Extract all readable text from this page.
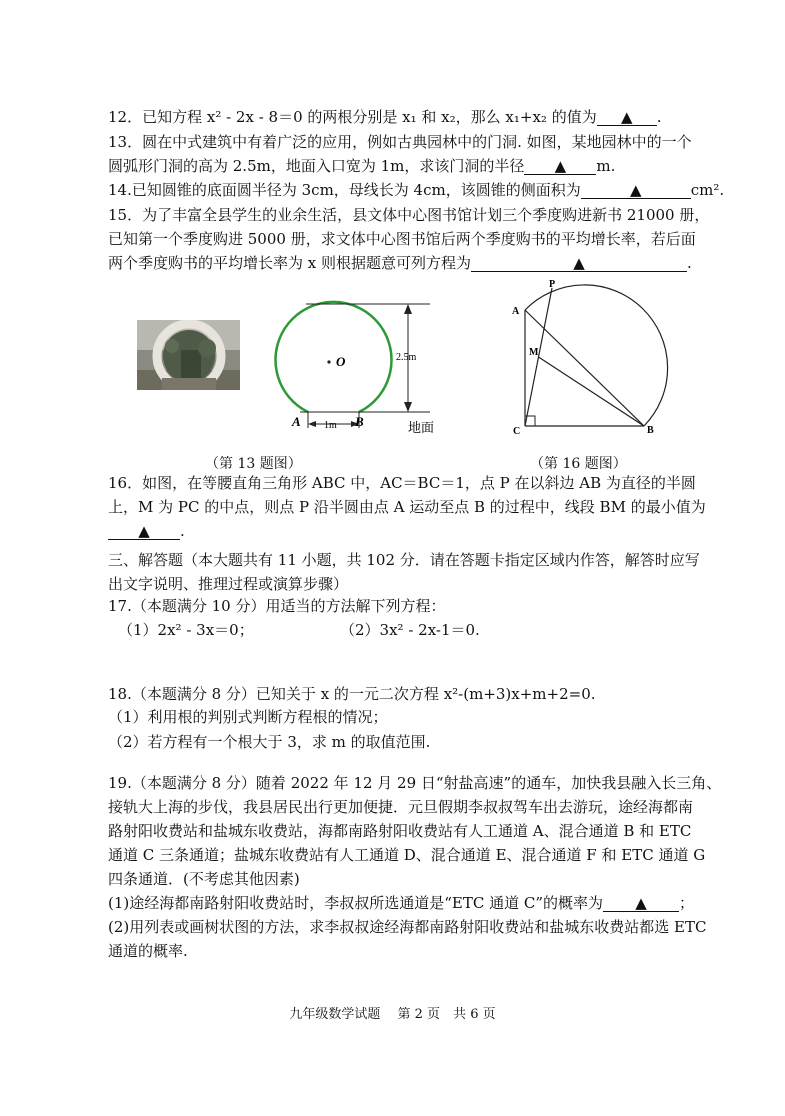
12．已知方程 x² - 2x - 8＝0 的两根分别是 x₁ 和 x₂，那么 x₁+x₂ 的值为 ▲ .
13．圆在中式建筑中有着广泛的应用，例如古典园林中的门洞. 如图，某地园林中的一个
圆弧形门洞的高为 2.5m，地面入口宽为 1m，求该门洞的半径 ▲ m.
14.已知圆锥的底面圆半径为 3cm，母线长为 4cm，该圆锥的侧面积为	▲	cm².
15．为了丰富全县学生的业余生活，县文体中心图书馆计划三个季度购进新书 21000 册，
已知第一个季度购进 5000 册，求文体中心图书馆后两个季度购书的平均增长率，若后面
两个季度购书的平均增长率为 x 则根据题意可列方程为	▲	.
O	2.5m
1m
A	B	地面
A
B
C
P
M
（第 13 题图）	（第 16 题图）
16．如图，在等腰直角三角形 ABC 中，AC＝BC＝1，点 P 在以斜边 AB 为直径的半圆
上，M 为 PC 的中点，则点 P 沿半圆由点 A 运动至点 B 的过程中，线段 BM 的最小值为
▲ .
三、解答题（本大题共有 11 小题，共 102 分．请在答题卡指定区域内作答，解答时应写
出文字说明、推理过程或演算步骤）
17.（本题满分 10 分）用适当的方法解下列方程：
（1）2x² - 3x＝0；	（2）3x² - 2x-1＝0.
18.（本题满分 8 分）已知关于 x 的一元二次方程 x²-(m+3)x+m+2=0.
（1）利用根的判别式判断方程根的情况；
（2）若方程有一个根大于 3，求 m 的取值范围.
19.（本题满分 8 分）随着 2022 年 12 月 29 日“射盐高速”的通车，加快我县融入长三角、
接轨大上海的步伐，我县居民出行更加便捷．元旦假期李叔叔驾车出去游玩，途经海都南
路射阳收费站和盐城东收费站，海都南路射阳收费站有人工通道 A、混合通道 B 和 ETC
通道 C 三条通道；盐城东收费站有人工通道 D、混合通道 E、混合通道 F 和 ETC 通道 G
四条通道．(不考虑其他因素)
(1)途经海都南路射阳收费站时，李叔叔所选通道是“ETC 通道 C”的概率为 ▲ ；
(2)用列表或画树状图的方法，求李叔叔途经海都南路射阳收费站和盐城东收费站都选 ETC
通道的概率.
九年级数学试题　 第 2 页　共 6 页
